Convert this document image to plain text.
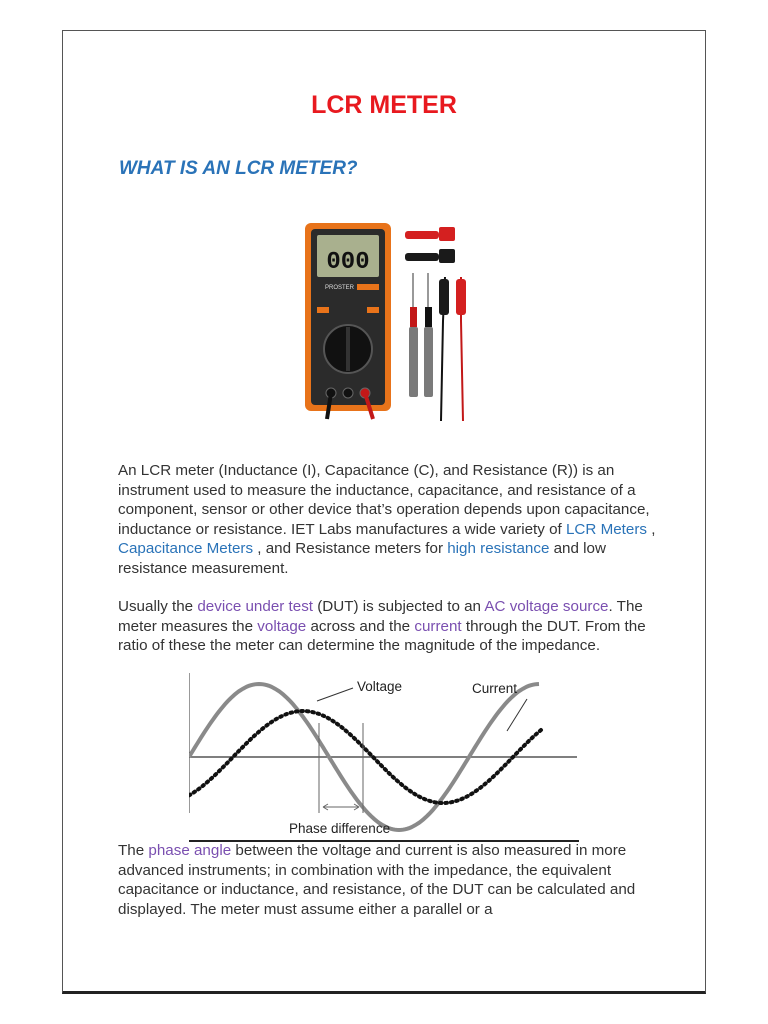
LCR METER
WHAT IS AN LCR METER?
000
PROSTER

An LCR meter (Inductance (I), Capacitance (C), and Resistance (R)) is an instrument used to measure the inductance, capacitance, and resistance of a component, sensor or other device that’s operation depends upon capacitance, inductance or resistance. IET Labs manufactures a wide variety of LCR Meters , Capacitance Meters , and Resistance meters for high resistance and low resistance measurement.

Usually the device under test (DUT) is subjected to an AC voltage source. The meter measures the voltage across and the current through the DUT. From the ratio of these the meter can determine the magnitude of the impedance.

Voltage	Current
Phase difference

The phase angle between the voltage and current is also measured in more advanced instruments; in combination with the impedance, the equivalent capacitance or inductance, and resistance, of the DUT can be calculated and displayed. The meter must assume either a parallel or a
